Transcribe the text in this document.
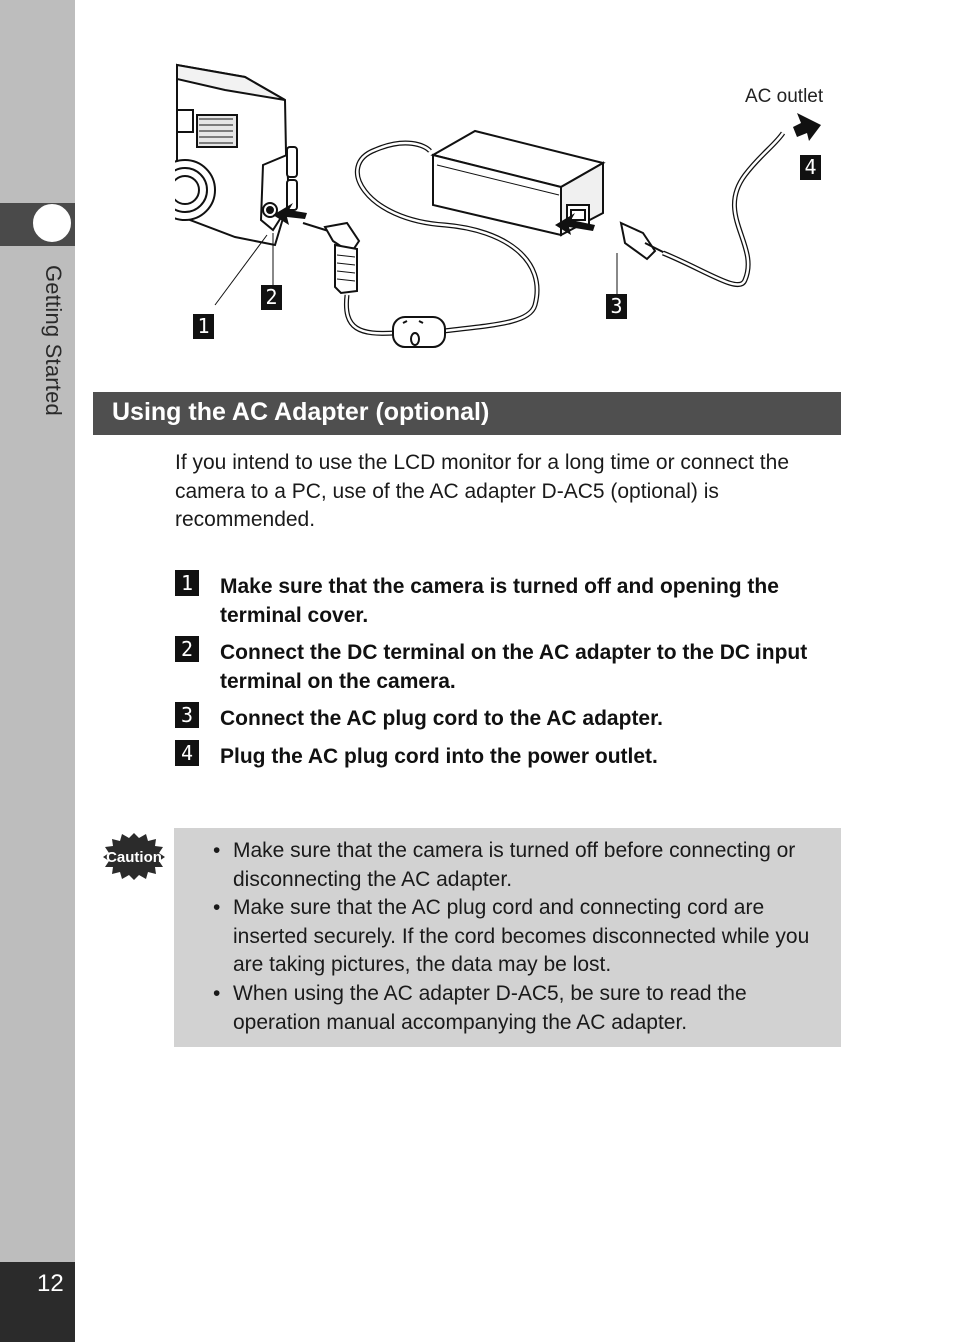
Getting Started
12
AC outlet
1
2	3
4
Using the AC Adapter (optional)
If you intend to use the LCD monitor for a long time or connect the camera to a PC, use of the AC adapter D-AC5 (optional) is recommended.
1 Make sure that the camera is turned off and opening the terminal cover.
2 Connect the DC terminal on the AC adapter to the DC input terminal on the camera.
3 Connect the AC plug cord to the AC adapter.
4 Plug the AC plug cord into the power outlet.
Caution • Make sure that the camera is turned off before connecting or disconnecting the AC adapter.
• Make sure that the AC plug cord and connecting cord are inserted securely. If the cord becomes disconnected while you are taking pictures, the data may be lost.
• When using the AC adapter D-AC5, be sure to read the operation manual accompanying the AC adapter.
